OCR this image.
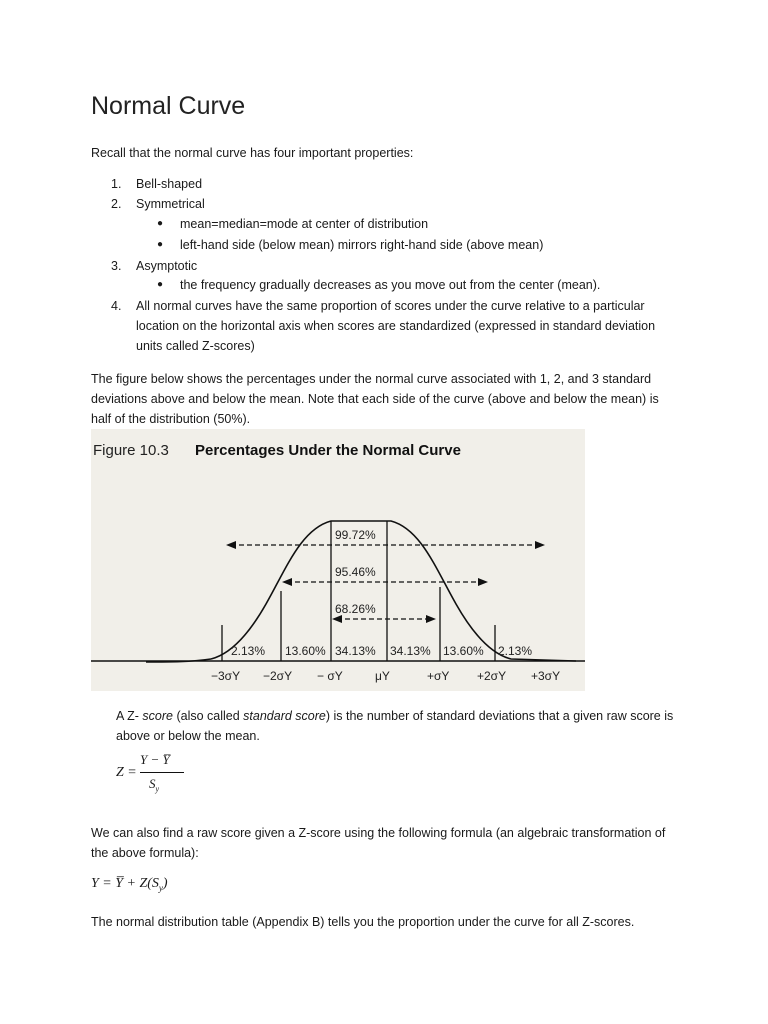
Normal Curve

Recall that the normal curve has four important properties:

1. Bell-shaped
2. Symmetrical
● mean=median=mode at center of distribution
● left-hand side (below mean) mirrors right-hand side (above mean)
3. Asymptotic
● the frequency gradually decreases as you move out from the center (mean).
4. All normal curves have the same proportion of scores under the curve relative to a particular location on the horizontal axis when scores are standardized (expressed in standard deviation units called Z-scores)

The figure below shows the percentages under the normal curve associated with 1, 2, and 3 standard deviations above and below the mean. Note that each side of the curve (above and below the mean) is half of the distribution (50%).

Figure 10.3 Percentages Under the Normal Curve
99.72%
95.46%
68.26%
2.13% 13.60% 34.13% 34.13% 13.60% 2.13%
−3σY −2σY − σY	μY	+σY +2σY +3σY

A Z- score (also called standard score) is the number of standard deviations that a given raw score is
above or below the mean.

Z =
Y − Y̅
$S_y$

We can also find a raw score given a Z-score using the following formula (an algebraic transformation of
the above formula):

Y = Y̅ + $Z(S_y)$

The normal distribution table (Appendix B) tells you the proportion under the curve for all Z-scores.
